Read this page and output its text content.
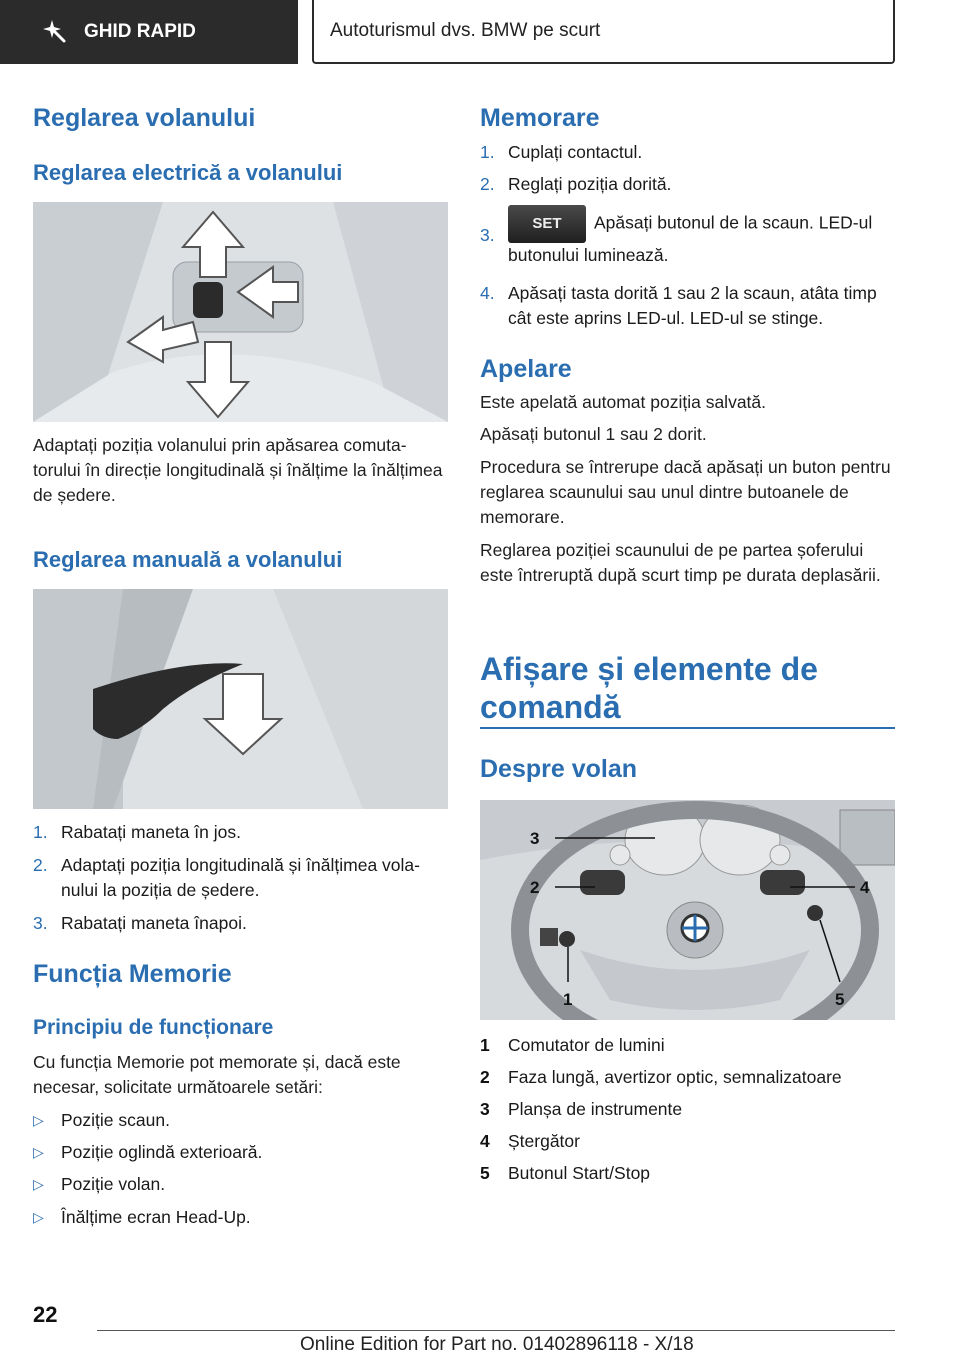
GHID RAPID	Autoturismul dvs. BMW pe scurt
Reglarea volanului
Reglarea electrică a volanului

Adaptați poziția volanului prin apăsarea comutatorului în direcție longitudinală și înălțime la înălțimea de ședere.

Reglarea manuală a volanului
1. Rabatați maneta în jos.
2. Adaptați poziția longitudinală și înălțimea volanului la poziția de ședere.
3. Rabatați maneta înapoi.
Funcția Memorie
Principiu de funcționare

Cu funcția Memorie pot memorate și, dacă este necesar, solicitate următoarele setări:

▷ Poziție scaun.
▷ Poziție oglindă exterioară.
▷ Poziție volan.
▷ Înălțime ecran Head-Up.
Memorare
1. Cuplați contactul.
2. Reglați poziția dorită.
3.
SET Apăsați butonul de la scaun. LED-ul butonului luminează.
4. Apăsați tasta dorită 1 sau 2 la scaun, atâta timp cât este aprins LED-ul. LED-ul se stinge.
Apelare

Este apelată automat poziția salvată.

Apăsați butonul 1 sau 2 dorit.

Procedura se întrerupe dacă apăsați un buton pentru reglarea scaunului sau unul dintre butoanele de memorare.

Reglarea poziției scaunului de pe partea șoferului este întreruptă după scurt timp pe durata deplasării.

Afișare și elemente de comandă
Despre volan
3
2	4
1	5
1	Comutator de lumini
2	Faza lungă, avertizor optic, semnalizatoare
3	Planșa de instrumente
4	Ștergător
5	Butonul Start/Stop
22
Online Edition for Part no. 01402896118 - X/18
